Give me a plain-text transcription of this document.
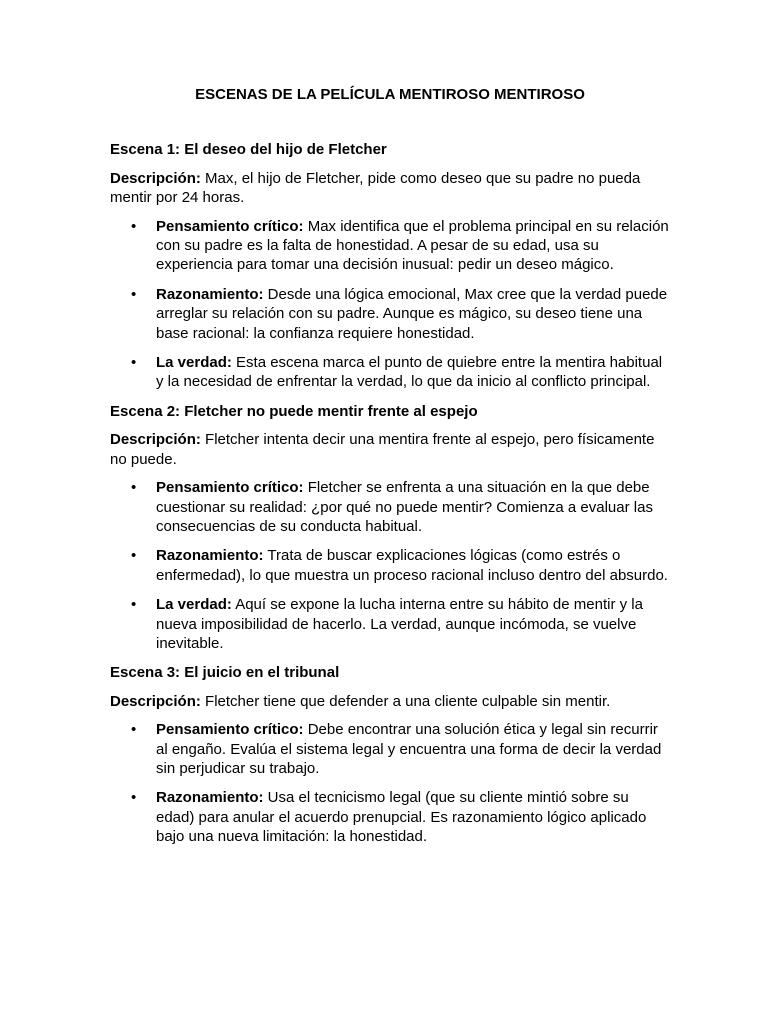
ESCENAS DE LA PELÍCULA MENTIROSO MENTIROSO
Escena 1: El deseo del hijo de Fletcher
Descripción: Max, el hijo de Fletcher, pide como deseo que su padre no pueda mentir por 24 horas.
• Pensamiento crítico: Max identifica que el problema principal en su relación con su padre es la falta de honestidad. A pesar de su edad, usa su experiencia para tomar una decisión inusual: pedir un deseo mágico.
• Razonamiento: Desde una lógica emocional, Max cree que la verdad puede arreglar su relación con su padre. Aunque es mágico, su deseo tiene una base racional: la confianza requiere honestidad.
• La verdad: Esta escena marca el punto de quiebre entre la mentira habitual y la necesidad de enfrentar la verdad, lo que da inicio al conflicto principal.
Escena 2: Fletcher no puede mentir frente al espejo
Descripción: Fletcher intenta decir una mentira frente al espejo, pero físicamente no puede.
• Pensamiento crítico: Fletcher se enfrenta a una situación en la que debe cuestionar su realidad: ¿por qué no puede mentir? Comienza a evaluar las consecuencias de su conducta habitual.
• Razonamiento: Trata de buscar explicaciones lógicas (como estrés o enfermedad), lo que muestra un proceso racional incluso dentro del absurdo.
• La verdad: Aquí se expone la lucha interna entre su hábito de mentir y la nueva imposibilidad de hacerlo. La verdad, aunque incómoda, se vuelve inevitable.
Escena 3: El juicio en el tribunal
Descripción: Fletcher tiene que defender a una cliente culpable sin mentir.
• Pensamiento crítico: Debe encontrar una solución ética y legal sin recurrir al engaño. Evalúa el sistema legal y encuentra una forma de decir la verdad sin perjudicar su trabajo.
• Razonamiento: Usa el tecnicismo legal (que su cliente mintió sobre su edad) para anular el acuerdo prenupcial. Es razonamiento lógico aplicado bajo una nueva limitación: la honestidad.
